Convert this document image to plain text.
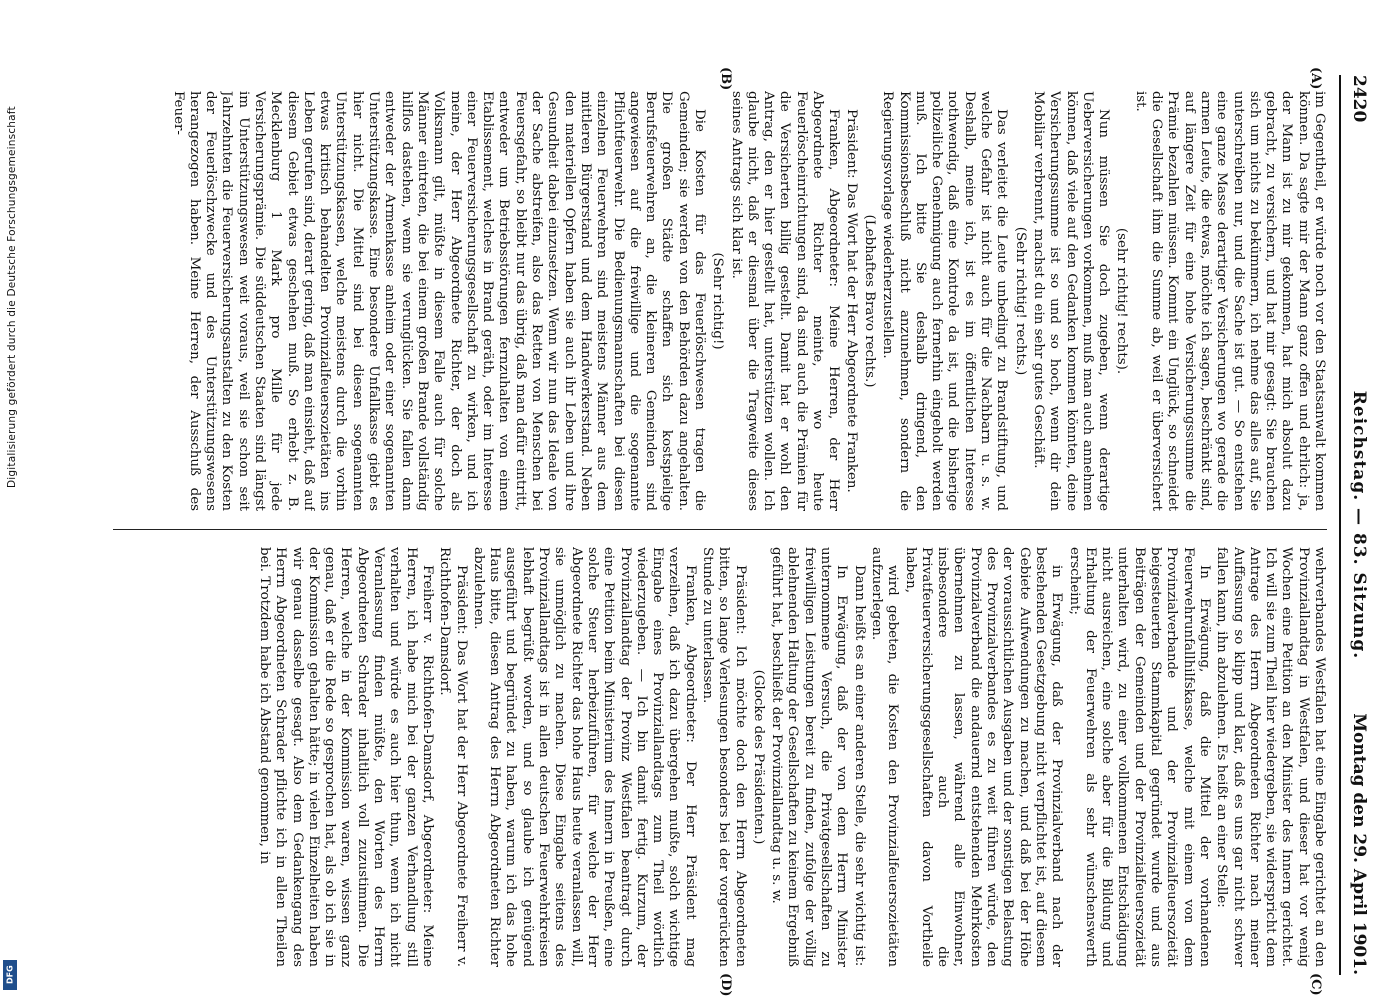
2420
Reichstag. — 83. Sitzung.
Montag den 29. April 1901.
(A)
(B)
(C)
(D)

im Gegentheil, er würde noch vor den Staatsanwalt kommen können. Da sagte mir der Mann ganz offen und ehrlich: ja, der Mann ist zu mir gekommen, hat mich absolut dazu gebracht, zu versichern, und hat mir gesagt: Sie brauchen sich um nichts zu bekümmern, ich nehme das alles auf, Sie unterschreiben nur, und die Sache ist gut. — So entstehen eine ganze Masse derartiger Versicherungen wo gerade die armen Leute, die etwas, möchte ich sagen, beschränkt sind, auf längere Zeit für eine hohe Versicherungssumme die Prämie bezahlen müssen. Kommt ein Unglück, so schneidet die Gesellschaft ihm die Summe ab, weil er überversichert ist.

(sehr richtig! rechts).

Nun müssen Sie doch zugeben, wenn derartige Ueberversicherungen vorkommen, muß man auch annehmen können, daß viele auf den Gedanken kommen könnten, deine Versicherungssumme ist so und so hoch, wenn dir dein Mobiliar verbrennt, machst du ein sehr gutes Geschäft.

(Sehr richtig! rechts.)

Das verleitet die Leute unbedingt zu Brandstiftung, und welche Gefahr ist nicht auch für die Nachbarn u. s. w. Deshalb, meine ich, ist es im öffentlichen Interesse nothwendig, daß eine Kontrole da ist, und die bisherige polizeiliche Genehmigung auch fernerhin eingeholt werden muß. Ich bitte Sie deshalb dringend, den Kommissionsbeschluß nicht anzunehmen, sondern die Regierungsvorlage wiederherzustellen.

(Lebhaftes Bravo rechts.)

Präsident: Das Wort hat der Herr Abgeordnete Franken.

Franken, Abgeordneter: Meine Herren, der Herr Abgeordnete Richter meinte, wo heute Feuerlöscheinrichtungen sind, da sind auch die Prämien für die Versicherten billig gestellt. Damit hat er wohl den Antrag, den er hier gestellt hat, unterstützen wollen. Ich glaube nicht, daß er diesmal über die Tragweite dieses seines Antrags sich klar ist.

(Sehr richtig!)

Die Kosten für das Feuerlöschwesen tragen die Gemeinden; sie werden von den Behörden dazu angehalten. Die großen Städte schaffen sich kostspielige Berufsfeuerwehren an, die kleineren Gemeinden sind angewiesen auf die freiwillige und die sogenannte Pflichtfeuerwehr. Die Bedienungsmannschaften bei diesen einzelnen Feuerwehren sind meistens Männer aus dem mittleren Bürgerstand und dem Handwerkerstand. Neben den materiellen Opfern haben sie auch ihr Leben und ihre Gesundheit dabei einzusetzen. Wenn wir nun das Ideale von der Sache abstreifen, also das Retten von Menschen bei Feuersgefahr, so bleibt nur das übrig, daß man dafür eintritt, entweder um Betriebsstörungen fernzuhalten von einem Etablissement, welches in Brand geräth, oder im Interesse einer Feuerversicherungsgesellschaft zu wirken, und ich meine, der Herr Abgeordnete Richter, der doch als Volksmann gilt, müßte in diesem Falle auch für solche Männer eintreten, die bei einem großen Brande vollständig hilflos dastehen, wenn sie verunglücken. Sie fallen dann entweder der Armenkasse anheim oder einer sogenannten Unterstützungskasse. Eine besondere Unfallkasse giebt es hier nicht. Die Mittel sind bei diesen sogenannten Unterstützungskassen, welche meistens durch die vorhin etwas kritisch behandelten Provinzialfeuersozietäten ins Leben gerufen sind, derart gering, daß man einsieht, daß auf diesem Gebiet etwas geschehen muß. So erhebt z. B. Mecklenburg 1 Mark pro Mille für jede Versicherungsprämie. Die süddeutschen Staaten sind längst im Unterstützungswesen weit voraus, weil sie schon seit Jahrzehnten die Feuerversicherungsanstalten zu den Kosten der Feuerlöschzwecke und des Unterstützungswesens herangezogen haben. Meine Herren, der Ausschuß des Feuer-

wehrverbandes Westfalen hat eine Eingabe gerichtet an den Provinziallandtag in Westfalen, und dieser hat vor wenig Wochen eine Petition an den Minister des Innern gerichtet. Ich will sie zum Theil hier wiedergeben, sie widerspricht dem Antrage des Herrn Abgeordneten Richter nach meiner Auffassung so klipp und klar, daß es uns gar nicht schwer fallen kann, ihn abzulehnen. Es heißt an einer Stelle:

In Erwägung, daß die Mittel der vorhandenen Feuerwehrunfallhilfskasse, welche mit einem von dem Provinzialverbande und der Provinzialfeuersozietät beigesteuerten Stammkapital gegründet wurde und aus Beiträgen der Gemeinden und der Provinzialfeuersozietät unterhalten wird, zu einer vollkommenen Entschädigung nicht ausreichen, eine solche aber für die Bildung und Erhaltung der Feuerwehren als sehr wünschenswerth erscheint;

in Erwägung, daß der Provinzialverband nach der bestehenden Gesetzgebung nicht verpflichtet ist, auf diesem Gebiete Aufwendungen zu machen, und daß bei der Höhe der voraussichtlichen Ausgaben und der sonstigen Belastung des Provinzialverbandes es zu weit führen würde, den Provinzialverband die andauernd entstehenden Mehrkosten übernehmen zu lassen, während alle Einwohner, insbesondere auch die Privatfeuerversicherungsgesellschaften davon Vortheile haben,

wird gebeten, die Kosten den Provinzialfeuersozietäten aufzuerlegen.

Dann heißt es an einer anderen Stelle, die sehr wichtig ist:

In Erwägung, daß der von dem Herrn Minister unternommene Versuch, die Privatgesellschaften zu freiwilligen Leistungen bereit zu finden, zufolge der völlig ablehnenden Haltung der Gesellschaften zu keinem Ergebniß geführt hat, beschließt der Provinziallandtag u. s. w.

(Glocke des Präsidenten.)

Präsident: Ich möchte doch den Herrn Abgeordneten bitten, so lange Verlesungen besonders bei der vorgerückten Stunde zu unterlassen.

Franken, Abgeordneter: Der Herr Präsident mag verzeihen, daß ich dazu übergehen mußte, solch wichtige Eingabe eines Provinziallandtags zum Theil wörtlich wiederzugeben. — Ich bin damit fertig. Kurzum, der Provinziallandtag der Provinz Westfalen beantragt durch eine Petition beim Ministerium des Innern in Preußen, eine solche Steuer herbeizuführen, für welche der Herr Abgeordnete Richter das hohe Haus heute veranlassen will, sie unmöglich zu machen. Diese Eingabe seitens des Provinziallandtags ist in allen deutschen Feuerwehrkreisen lebhaft begrüßt worden, und so glaube ich genügend ausgeführt und begründet zu haben, warum ich das hohe Haus bitte, diesen Antrag des Herrn Abgeordneten Richter abzulehnen.

Präsident: Das Wort hat der Herr Abgeordnete Freiherr v. Richthofen-Damsdorf.

Freiherr v. Richthofen-Damsdorf, Abgeordneter: Meine Herren, ich habe mich bei der ganzen Verhandlung still verhalten und würde es auch hier thun, wenn ich nicht Veranlassung finden müßte, den Worten des Herrn Abgeordneten Schrader inhaltlich voll zuzustimmen. Die Herren, welche in der Kommission waren, wissen ganz genau, daß er die Rede so gesprochen hat, als ob ich sie in der Kommission gehalten hätte; in vielen Einzelheiten haben wir genau dasselbe gesagt. Also dem Gedankengang des Herrn Abgeordneten Schrader pflichte ich in allen Theilen bei. Trotzdem habe ich Abstand genommen, in

Digitalisierung gefördert durch die Deutsche Forschungsgemeinschaft
DFG
